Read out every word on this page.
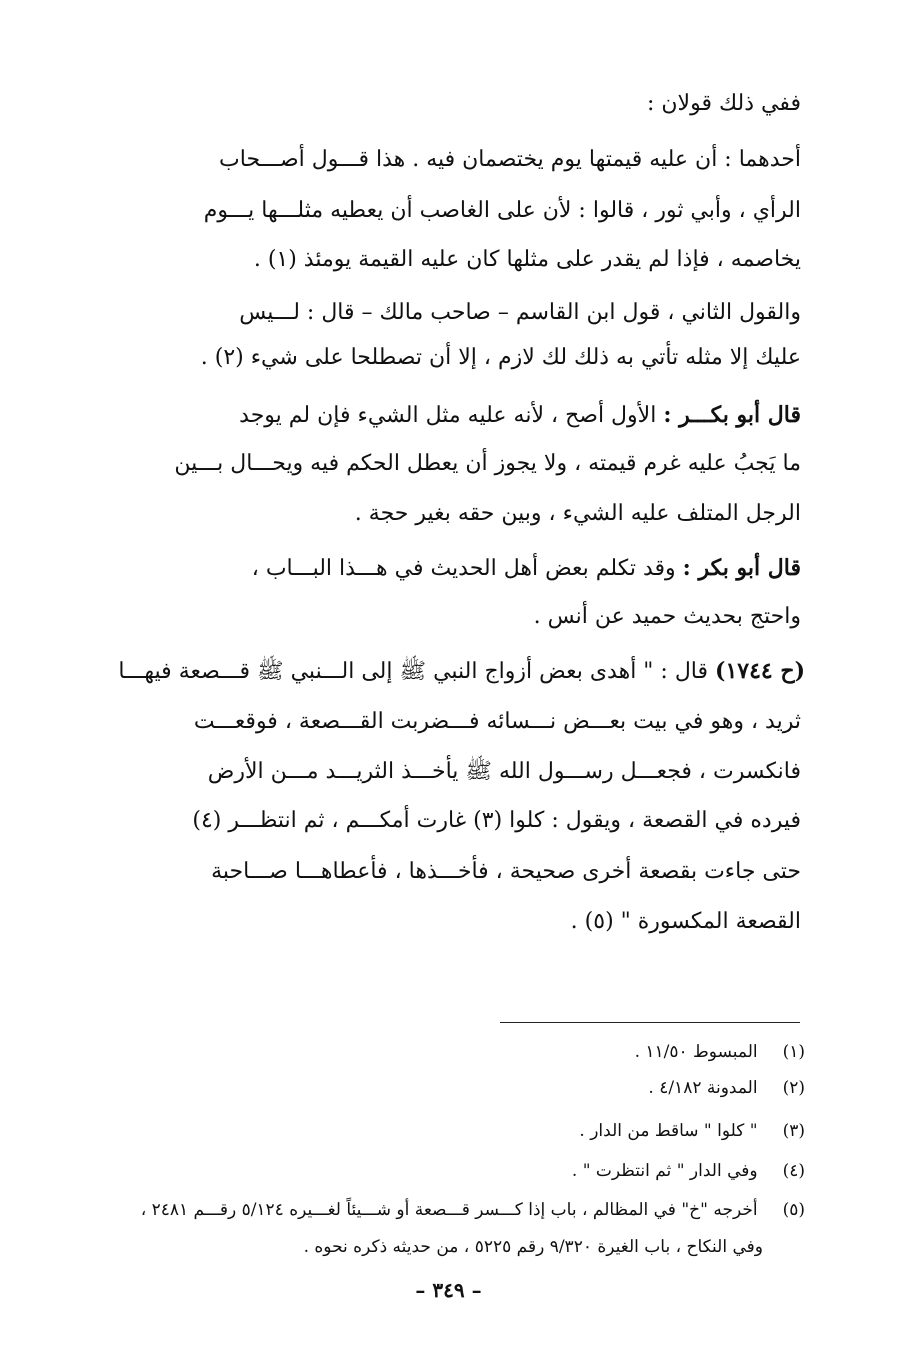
ففي ذلك قولان :
أحدهما : أن عليه قيمتها يوم يختصمان فيه . هذا قـــول أصـــحاب
الرأي ، وأبي ثور ، قالوا : لأن على الغاصب أن يعطيه مثلـــها يـــوم
يخاصمه ، فإذا لم يقدر على مثلها كان عليه القيمة يومئذ (١) .
والقول الثاني ، قول ابن القاسم – صاحب مالك – قال : لـــيس
عليك إلا مثله تأتي به ذلك لك لازم ، إلا أن تصطلحا على شيء (٢) .
قال أبو بكـــر : الأول أصح ، لأنه عليه مثل الشيء فإن لم يوجد
ما يَجبُ عليه غرم قيمته ، ولا يجوز أن يعطل الحكم فيه ويحـــال بـــين
الرجل المتلف عليه الشيء ، وبين حقه بغير حجة .
قال أبو بكر : وقد تكلم بعض أهل الحديث في هـــذا البـــاب ،
واحتج بحديث حميد عن أنس .
(ح ١٧٤٤) قال : " أهدى بعض أزواج النبي ﷺ إلى الـــنبي ﷺ قـــصعة فيهـــا
ثريد ، وهو في بيت بعـــض نـــسائه فـــضربت القـــصعة ، فوقعـــت
فانكسرت ، فجعـــل رســـول الله ﷺ يأخـــذ الثريـــد مـــن الأرض
فيرده في القصعة ، ويقول : كلوا (٣) غارت أمكـــم ، ثم انتظـــر (٤)
حتى جاءت بقصعة أخرى صحيحة ، فأخـــذها ، فأعطاهـــا صـــاحبة
القصعة المكسورة " (٥) .
(١) المبسوط ١١/٥٠ .
(٢) المدونة ٤/١٨٢ .
(٣) " كلوا " ساقط من الدار .
(٤) وفي الدار " ثم انتظرت " .
(٥) أخرجه "خ" في المظالم ، باب إذا كـــسر قـــصعة أو شـــيئاً لغـــيره ٥/١٢٤ رقـــم ٢٤٨١ ،
وفي النكاح ، باب الغيرة ٩/٣٢٠ رقم ٥٢٢٥ ، من حديثه ذكره نحوه .
– ٣٤٩ –
